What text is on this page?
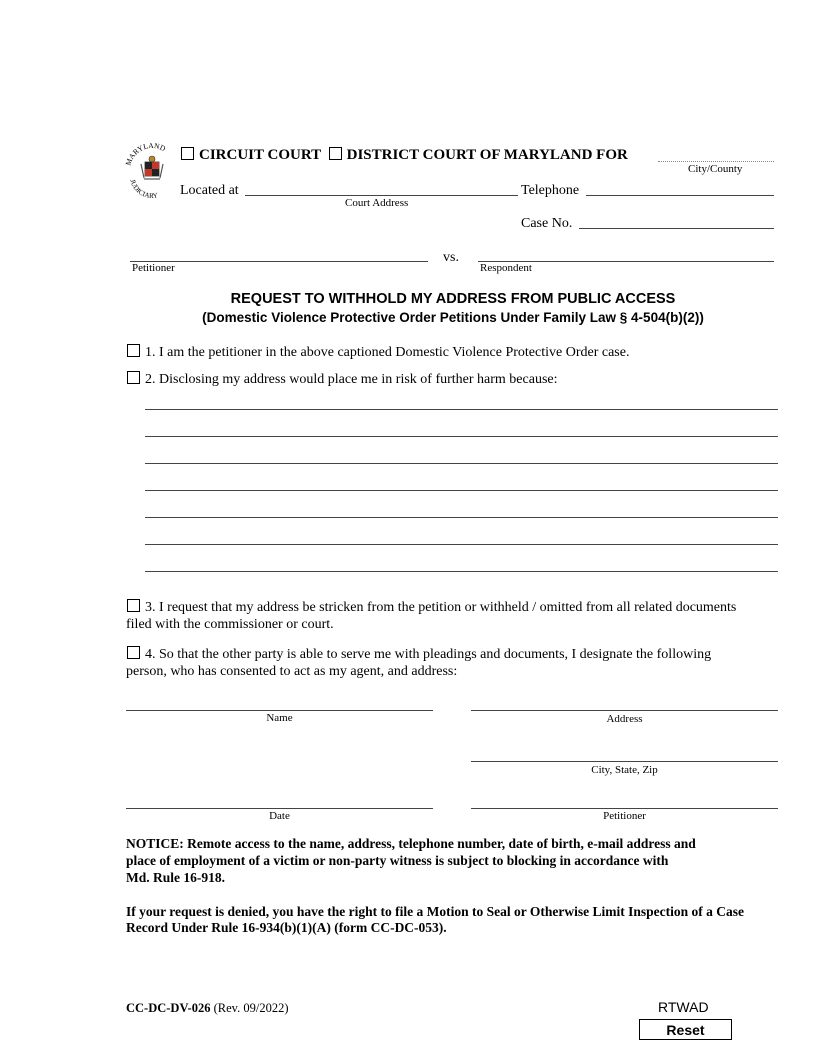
MARYLAND
JUDICIARY
CIRCUIT COURT DISTRICT COURT OF MARYLAND FOR
City/County
Located at
Court Address
Telephone
Case No.
Petitioner
vs.
Respondent
REQUEST TO WITHHOLD MY ADDRESS FROM PUBLIC ACCESS
(Domestic Violence Protective Order Petitions Under Family Law § 4-504(b)(2))
1. I am the petitioner in the above captioned Domestic Violence Protective Order case.
2. Disclosing my address would place me in risk of further harm because:
3. I request that my address be stricken from the petition or withheld / omitted from all related documents
filed with the commissioner or court.
4. So that the other party is able to serve me with pleadings and documents, I designate the following
person, who has consented to act as my agent, and address:
Name	Address
City, State, Zip
Date	Petitioner
NOTICE: Remote access to the name, address, telephone number, date of birth, e-mail address and
place of employment of a victim or non-party witness is subject to blocking in accordance with
Md. Rule 16-918.
If your request is denied, you have the right to file a Motion to Seal or Otherwise Limit Inspection of a Case
Record Under Rule 16-934(b)(1)(A) (form CC-DC-053).
CC-DC-DV-026 (Rev. 09/2022)	RTWAD
Reset
